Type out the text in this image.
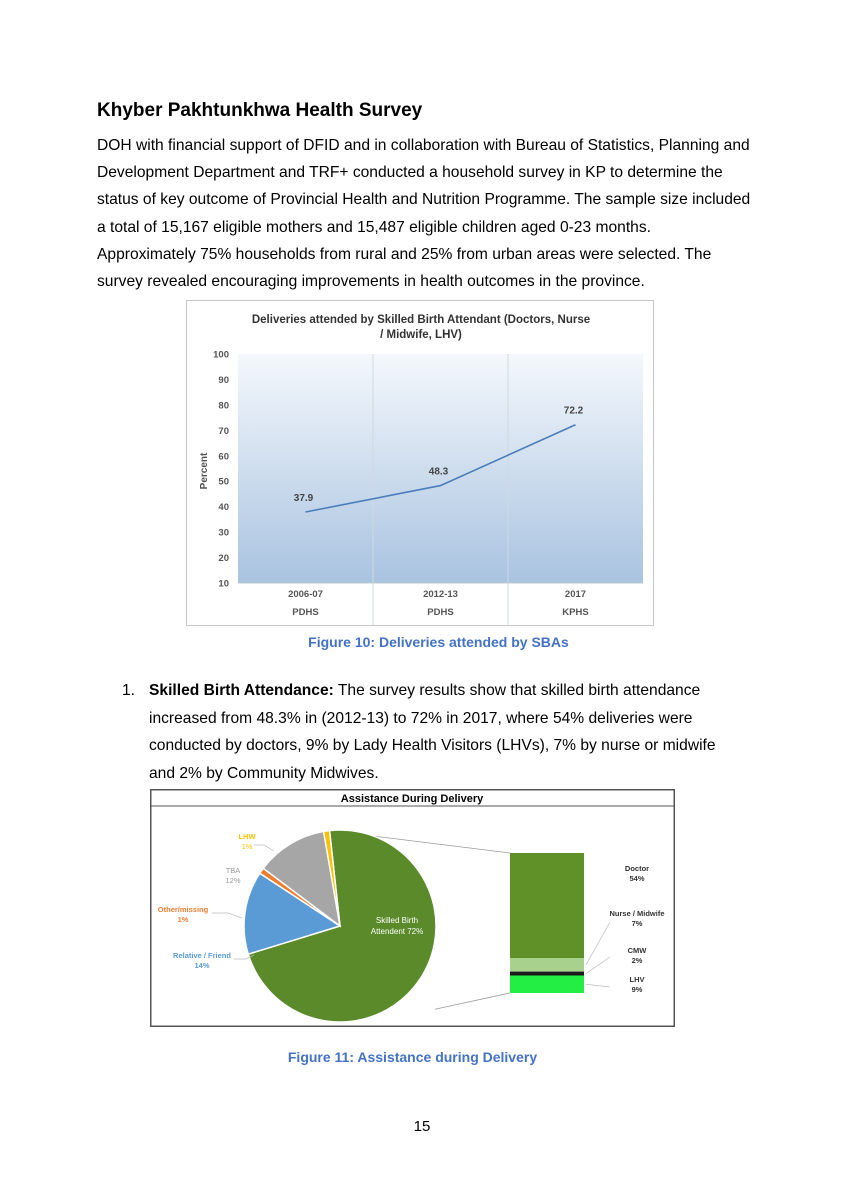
Khyber Pakhtunkhwa Health Survey

DOH with financial support of DFID and in collaboration with Bureau of Statistics, Planning and Development Department and TRF+ conducted a household survey in KP to determine the status of key outcome of Provincial Health and Nutrition Programme. The sample size included a total of 15,167 eligible mothers and 15,487 eligible children aged 0-23 months. Approximately 75% households from rural and 25% from urban areas were selected. The survey revealed encouraging improvements in health outcomes in the province.

Deliveries attended by Skilled Birth Attendant (Doctors, Nurse
/ Midwife, LHV)
100
90
80
70
60
50
40
30
20
10
Percent
37.9
48.3
72.2
2006-07
PDHS
2012-13
PDHS
2017
KPHS
Figure 10: Deliveries attended by SBAs
1. Skilled Birth Attendance: The survey results show that skilled birth attendance increased from 48.3% in (2012-13) to 72% in 2017, where 54% deliveries were conducted by doctors, 9% by Lady Health Visitors (LHVs), 7% by nurse or midwife and 2% by Community Midwives.
Assistance During Delivery
Skilled Birth
Attendent 72%
LHW
1%
TBA
12%
Other/missing
1%
Relative / Friend
14%
Doctor
54%
Nurse / Midwife
7%
CMW
2%
LHV
9%
Figure 11: Assistance during Delivery
15
